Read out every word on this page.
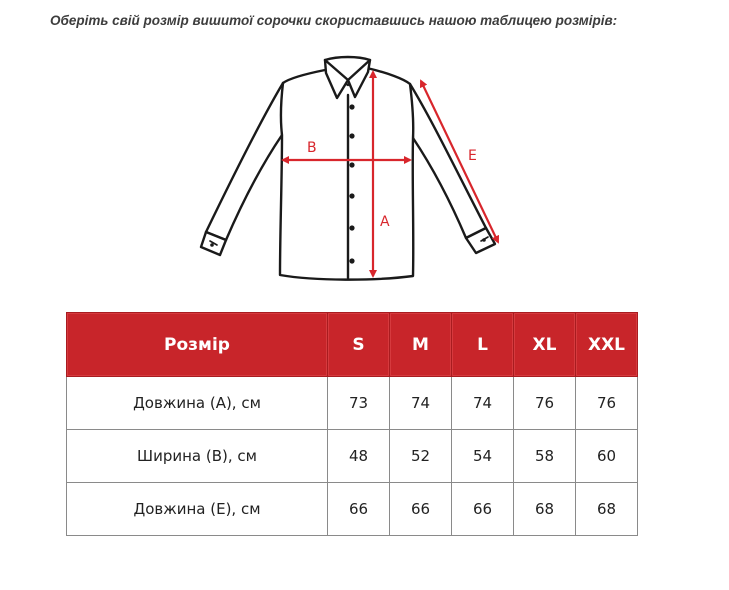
Оберіть свій розмір вишитої сорочки скориставшись нашою таблицею розмірів:
A
B	E
Розмір	S	M	L	XL	XXL
Довжина (А), см	73	74	74	76	76
Ширина (В), см	48	52	54	58	60
Довжина (Е), см	66	66	66	68	68
